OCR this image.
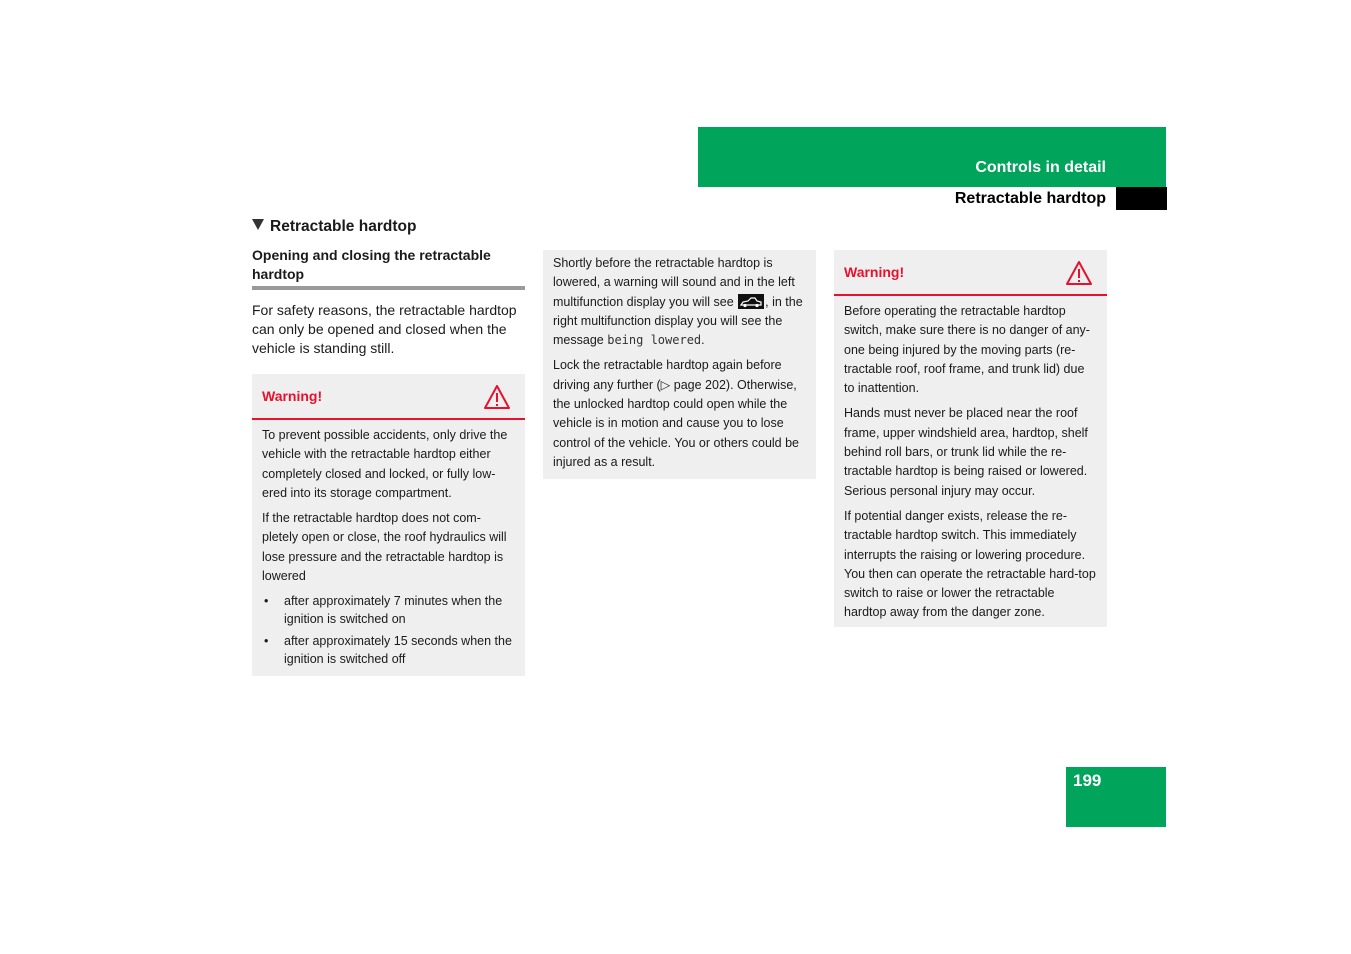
Controls in detail
Retractable hardtop
Retractable hardtop
Opening and closing the retractable hardtop
For safety reasons, the retractable hardtop can only be opened and closed when the vehicle is standing still.
Warning!

To prevent possible accidents, only drive the vehicle with the retractable hardtop either completely closed and locked, or fully low-ered into its storage compartment.

If the retractable hardtop does not com-pletely open or close, the roof hydraulics will lose pressure and the retractable hardtop is lowered

• after approximately 7 minutes when the ignition is switched on
• after approximately 15 seconds when the ignition is switched off

Shortly before the retractable hardtop is lowered, a warning will sound and in the left multifunction display you will see	, in the right multifunction display you will see the message being lowered.

Lock the retractable hardtop again before driving any further (▷ page 202). Otherwise, the unlocked hardtop could open while the vehicle is in motion and cause you to lose control of the vehicle. You or others could be injured as a result.

Warning!

Before operating the retractable hardtop switch, make sure there is no danger of any-one being injured by the moving parts (re-tractable roof, roof frame, and trunk lid) due to inattention.

Hands must never be placed near the roof frame, upper windshield area, hardtop, shelf behind roll bars, or trunk lid while the re-tractable hardtop is being raised or lowered. Serious personal injury may occur.

If potential danger exists, release the re-tractable hardtop switch. This immediately interrupts the raising or lowering procedure. You then can operate the retractable hard-top switch to raise or lower the retractable hardtop away from the danger zone.

199
